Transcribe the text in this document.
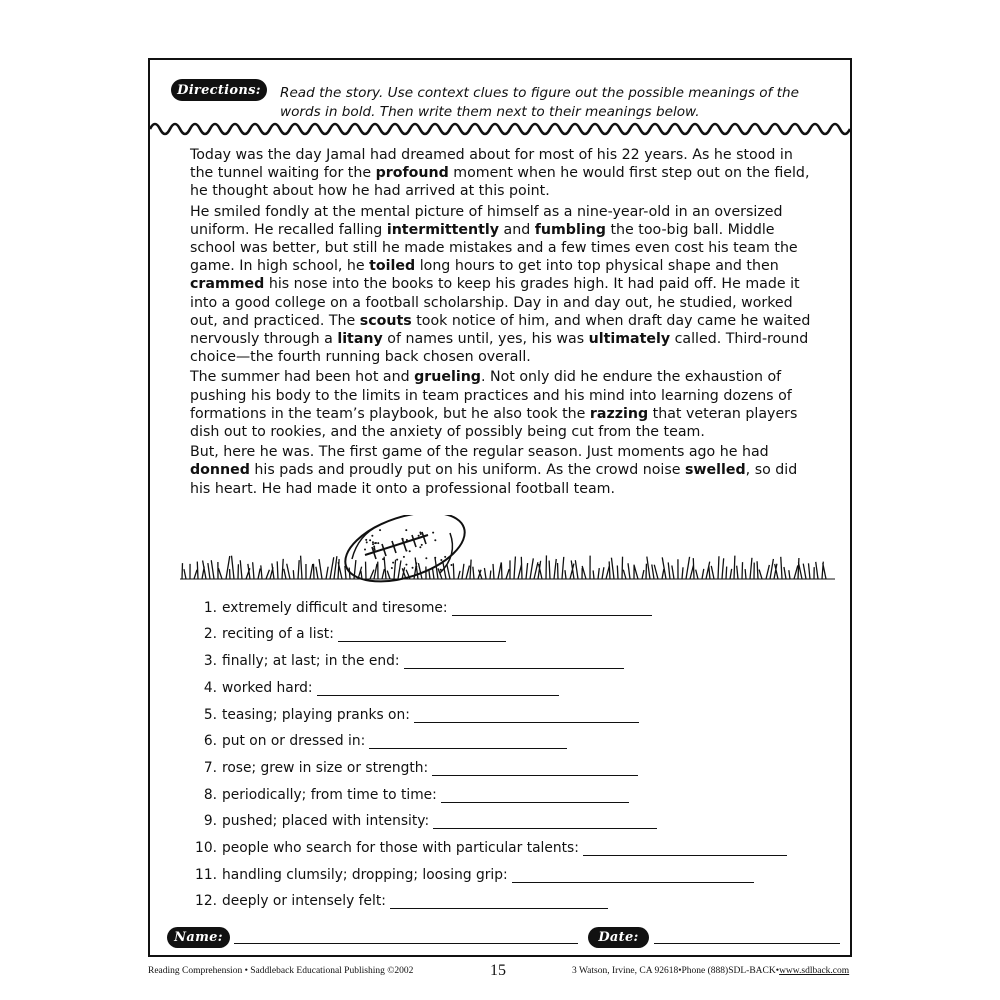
Directions: Read the story. Use context clues to figure out the possible meanings of the words in bold. Then write them next to their meanings below.

Today was the day Jamal had dreamed about for most of his 22 years. As he stood in the tunnel waiting for the profound moment when he would first step out on the field, he thought about how he had arrived at this point.

He smiled fondly at the mental picture of himself as a nine-year-old in an oversized uniform. He recalled falling intermittently and fumbling the too-big ball. Middle school was better, but still he made mistakes and a few times even cost his team the game. In high school, he toiled long hours to get into top physical shape and then crammed his nose into the books to keep his grades high. It had paid off. He made it into a good college on a football scholarship. Day in and day out, he studied, worked out, and practiced. The scouts took notice of him, and when draft day came he waited nervously through a litany of names until, yes, his was ultimately called. Third-round choice—the fourth running back chosen overall.

The summer had been hot and grueling. Not only did he endure the exhaustion of pushing his body to the limits in team practices and his mind into learning dozens of formations in the team’s playbook, but he also took the razzing that veteran players dish out to rookies, and the anxiety of possibly being cut from the team.

But, here he was. The first game of the regular season. Just moments ago he had donned his pads and proudly put on his uniform. As the crowd noise swelled, so did his heart. He had made it onto a professional football team.

1. extremely difficult and tiresome:
2. reciting of a list:
3. finally; at last; in the end:
4. worked hard:
5. teasing; playing pranks on:
6. put on or dressed in:
7. rose; grew in size or strength:
8. periodically; from time to time:
9. pushed; placed with intensity:
10. people who search for those with particular talents:
11. handling clumsily; dropping; loosing grip:
12. deeply or intensely felt:
Name:	Date:
Reading Comprehension • Saddleback Educational Publishing ©2002	15	3 Watson, Irvine, CA 92618•Phone (888)SDL-BACK•www.sdlback.com
